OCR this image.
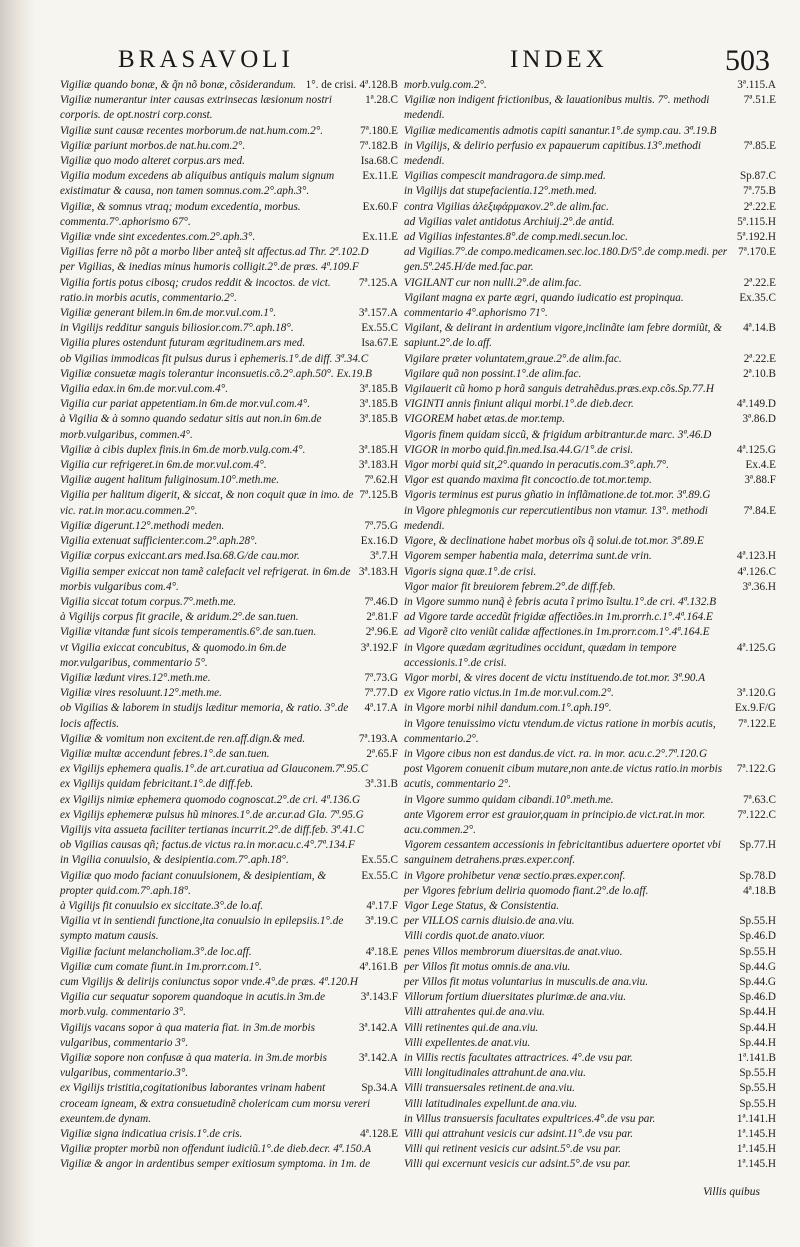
BRASAVOLI	INDEX	503

1°. de crisi. 4ª.128.B
Vigiliæ quando bonæ, & q̃n nõ bonæ, cõsiderandum.

1ª.28.C
Vigiliæ numerantur inter causas extrinsecas læsionum nostri corporis. de opt.nostri corp.const.

7ª.180.E
Vigiliæ sunt causæ recentes morborum.de nat.hum.com.2°.

7ª.182.B
Vigiliæ pariunt morbos.de nat.hu.com.2°.

Isa.68.C
Vigiliæ quo modo alteret corpus.ars med.

Ex.11.E
Vigilia modum excedens ab aliquibus antiquis malum signum existimatur & causa, non tamen somnus.com.2°.aph.3°.

Ex.60.F
Vigiliæ, & somnus vtraq; modum excedentia, morbus. commenta.7°.aphorismo 67°.

Ex.11.E
Vigiliæ vnde sint excedentes.com.2°.aph.3°.

Vigilias ferre nõ põt a morbo liber anteq̃ sit affectus.ad Thr. 2ª.102.D

per Vigilias, & inedias minus humoris colligit.2°.de præs. 4ª.109.F

7ª.125.A
Vigilia fortis potus cibosq; crudos reddit & incoctos. de vict. ratio.in morbis acutis, commentario.2°.

3ª.157.A
Vigiliæ generant bilem.in 6m.de mor.vul.com.1°.

Ex.55.C
in Vigilijs redditur sanguis biliosior.com.7°.aph.18°.

Isa.67.E
Vigilia plures ostendunt futuram ægritudinem.ars med.

ob Vigilias immodicas fit pulsus durus ì ephemeris.1°.de diff. 3ª.34.C

Vigiliæ consuetæ magis tolerantur inconsuetis.cõ.2°.aph.50°. Ex.19.B

3ª.185.B
Vigilia edax.in 6m.de mor.vul.com.4°.

3ª.185.B
Vigilia cur pariat appetentiam.in 6m.de mor.vul.com.4°.

3ª.185.B
à Vigilia & à somno quando sedatur sitis aut non.in 6m.de morb.vulgaribus, commen.4°.

3ª.185.H
Vigiliæ à cibis duplex finis.in 6m.de morb.vulg.com.4°.

3ª.183.H
Vigilia cur refrigeret.in 6m.de mor.vul.com.4°.

7ª.62.H
Vigiliæ augent halitum fuliginosum.10°.meth.me.

7ª.125.B
Vigilia per halitum digerit, & siccat, & non coquit quæ in imo. de vic. rat.in mor.acu.commen.2°.

7ª.75.G
Vigiliæ digerunt.12°.methodi meden.

Ex.16.D
Vigilia extenuat sufficienter.com.2°.aph.28°.

3ª.7.H
Vigiliæ corpus exiccant.ars med.Isa.68.G/de cau.mor.

3ª.183.H
Vigilia semper exiccat non tamẽ calefacit vel refrigerat. in 6m.de morbis vulgaribus com.4°.

7ª.46.D
Vigilia siccat totum corpus.7°.meth.me.

2ª.81.F
à Vigilijs corpus fit gracile, & aridum.2°.de san.tuen.

2ª.96.E
Vigiliæ vitandæ funt sicois temperamentis.6°.de san.tuen.

3ª.192.F
vt Vigilia exiccat concubitus, & quomodo.in 6m.de mor.vulgaribus, commentario 5°.

7ª.73.G
Vigiliæ lædunt vires.12°.meth.me.

7ª.77.D
Vigiliæ vires resoluunt.12°.meth.me.

4ª.17.A
ob Vigilias & laborem in studijs læditur memoria, & ratio. 3°.de locis affectis.

7ª.193.A
Vigiliæ & vomitum non excitent.de ren.aff.dign.& med.

2ª.65.F
Vigiliæ multæ accendunt febres.1°.de san.tuen.

ex Vigilijs ephemera qualis.1°.de art.curatiua ad Glauconem.7ª.95.C

3ª.31.B
ex Vigilijs quidam febricitant.1°.de diff.feb.

ex Vigilijs nimiæ ephemera quomodo cognoscat.2°.de cri. 4ª.136.G

ex Vigilijs ephemeræ pulsus hũ minores.1°.de ar.cur.ad Gla. 7ª.95.G

Vigilijs vita assueta faciliter tertianas incurrit.2°.de diff.feb. 3ª.41.C

ob Vigilias causas qñ; factus.de victus ra.in mor.acu.c.4°.7ª.134.F

Ex.55.C
in Vigilia conuulsio, & desipientia.com.7°.aph.18°.

Ex.55.C
Vigiliæ quo modo faciant conuulsionem, & desipientiam, & propter quid.com.7°.aph.18°.

4ª.17.F
à Vigilijs fit conuulsio ex siccitate.3°.de lo.af.

3ª.19.C
Vigilia vt in sentiendi functione,ita conuulsio in epilepsiis.1°.de sympto matum causis.

4ª.18.E
Vigiliæ faciunt melancholiam.3°.de loc.aff.

4ª.161.B
Vigiliæ cum comate fiunt.in 1m.prorr.com.1°.

cum Vigilijs & delirijs coniunctus sopor vnde.4°.de præs. 4ª.120.H

3ª.143.F
Vigilia cur sequatur soporem quandoque in acutis.in 3m.de morb.vulg. commentario 3°.

3ª.142.A
Vigilijs vacans sopor à qua materia fiat. in 3m.de morbis vulgaribus, commentario 3°.

3ª.142.A
Vigiliæ sopore non confusæ à qua materia. in 3m.de morbis vulgaribus, commentario.3°.

Sp.34.A
ex Vigilijs tristitia,cogitationibus laborantes vrinam habent croceam igneam, & extra consuetudinẽ cholericam cum morsu vereri exeuntem.de dynam.

4ª.128.E
Vigiliæ signa indicatiua crisis.1°.de cris.

Vigiliæ propter morbũ non offendunt iudiciũ.1°.de dieb.decr. 4ª.150.A

Vigiliæ & angor in ardentibus semper exitiosum symptoma. in 1m. de

3ª.115.A
morb.vulg.com.2°.

7ª.51.E
Vigiliæ non indigent frictionibus, & lauationibus multis. 7°. methodi medendi.

Vigiliæ medicamentis admotis capiti sanantur.1°.de symp.cau. 3ª.19.B

7ª.85.E
in Vigilijs, & delirio perfusio ex papauerum capitibus.13°.methodi medendi.

Sp.87.C
Vigilias compescit mandragora.de simp.med.

7ª.75.B
in Vigilijs dat stupefacientia.12°.meth.med.

2ª.22.E
contra Vigilias ἀλεξιφάρμακον.2°.de alim.fac.

5ª.115.H
ad Vigilias valet antidotus Archiuij.2°.de antid.

5ª.192.H
ad Vigilias infestantes.8°.de comp.medi.secun.loc.

7ª.170.E
ad Vigilias.7°.de compo.medicamen.sec.loc.180.D/5°.de comp.medi. per gen.5ª.245.H/de med.fac.par.

2ª.22.E
VIGILANT cur non nulli.2°.de alim.fac.

Ex.35.C
Vigilant magna ex parte ægri, quando iudicatio est propinqua. commentario 4°.aphorismo 71°.

4ª.14.B
Vigilant, & delirant in ardentium vigore,inclinãte iam febre dormiũt, & sapiunt.2°.de lo.aff.

2ª.22.E
Vigilare præter voluntatem,graue.2°.de alim.fac.

2ª.10.B
Vigilare quã non possint.1°.de alim.fac.

Vigilauerit cũ homo p horã sanguis detrahẽdus.præs.exp.cõs.Sp.77.H

4ª.149.D
VIGINTI annis finiunt aliqui morbi.1°.de dieb.decr.

3ª.86.D
VIGOREM habet ætas.de mor.temp.

Vigoris finem quidam siccũ, & frigidum arbitrantur.de marc. 3ª.46.D

4ª.125.G
VIGOR in morbo quid.fin.med.Isa.44.G/1°.de crisi.

Ex.4.E
Vigor morbi quid sit,2°.quando in peracutis.com.3°.aph.7°.

3ª.88.F
Vigor est quando maxima fit concoctio.de tot.mor.temp.

Vigoris terminus est purus gñatio in inflãmatione.de tot.mor. 3ª.89.G

7ª.84.E
in Vigore phlegmonis cur repercutientibus non vtamur. 13°. methodi medendi.

Vigore, & declinatione habet morbus oĩs q̃ solui.de tot.mor. 3ª.89.E

4ª.123.H
Vigorem semper habentia mala, deterrima sunt.de vrin.

4ª.126.C
Vigoris signa quæ.1°.de crisi.

3ª.36.H
Vigor maior fit breuiorem febrem.2°.de diff.feb.

in Vigore summo nunq̃ è febris acuta ĩ primo ĩsultu.1°.de cri. 4ª.132.B

ad Vigore tarde accedũt frigidæ affectiões.in 1m.prorrh.c.1°.4ª.164.E

ad Vigorẽ cito veniũt calidæ affectiones.in 1m.prorr.com.1°.4ª.164.E

4ª.125.G
in Vigore quædam ægritudines occidunt, quædam in tempore accessionis.1°.de crisi.

Vigor morbi, & vires docent de victu instituendo.de tot.mor. 3ª.90.A

3ª.120.G
ex Vigore ratio victus.in 1m.de mor.vul.com.2°.

Ex.9.F/G
in Vigore morbi nihil dandum.com.1°.aph.19°.

7ª.122.E
in Vigore tenuissimo victu vtendum.de victus ratione in morbis acutis, commentario.2°.

in Vigore cibus non est dandus.de vict. ra. in mor. acu.c.2°.7ª.120.G

7ª.122.G
post Vigorem conuenit cibum mutare,non ante.de victus ratio.in morbis acutis, commentario 2°.

7ª.63.C
in Vigore summo quidam cibandi.10°.meth.me.

7ª.122.C
ante Vigorem error est grauior,quam in principio.de vict.rat.in mor. acu.commen.2°.

Sp.77.H
Vigorem cessantem accessionis in febricitantibus aduertere oportet vbi sanguinem detrahens.præs.exper.conf.

Sp.78.D
in Vigore prohibetur venæ sectio.præs.exper.conf.

4ª.18.B
per Vigores febrium deliria quomodo fiant.2°.de lo.aff.

Vigor Lege Status, & Consistentia.

Sp.55.H
per VILLOS carnis diuisio.de ana.viu.

Sp.46.D
Villi cordis quot.de anato.viuor.

Sp.55.H
penes Villos membrorum diuersitas.de anat.viuo.

Sp.44.G
per Villos fit motus omnis.de ana.viu.

Sp.44.G
per Villos fit motus voluntarius in musculis.de ana.viu.

Sp.46.D
Villorum fortium diuersitates plurimæ.de ana.viu.

Sp.44.H
Villi attrahentes qui.de ana.viu.

Sp.44.H
Villi retinentes qui.de ana.viu.

Sp.44.H
Villi expellentes.de anat.viu.

1ª.141.B
in Villis rectis facultates attractrices. 4°.de vsu par.

Sp.55.H
Villi longitudinales attrahunt.de ana.viu.

Sp.55.H
Villi transuersales retinent.de ana.viu.

Sp.55.H
Villi latitudinales expellunt.de ana.viu.

1ª.141.H
in Villus transuersis facultates expultrices.4°.de vsu par.

1ª.145.H
Villi qui attrahunt vesicis cur adsint.11°.de vsu par.

1ª.145.H
Villi qui retinent vesicis cur adsint.5°.de vsu par.

1ª.145.H
Villi qui excernunt vesicis cur adsint.5°.de vsu par.

Villis quibus
